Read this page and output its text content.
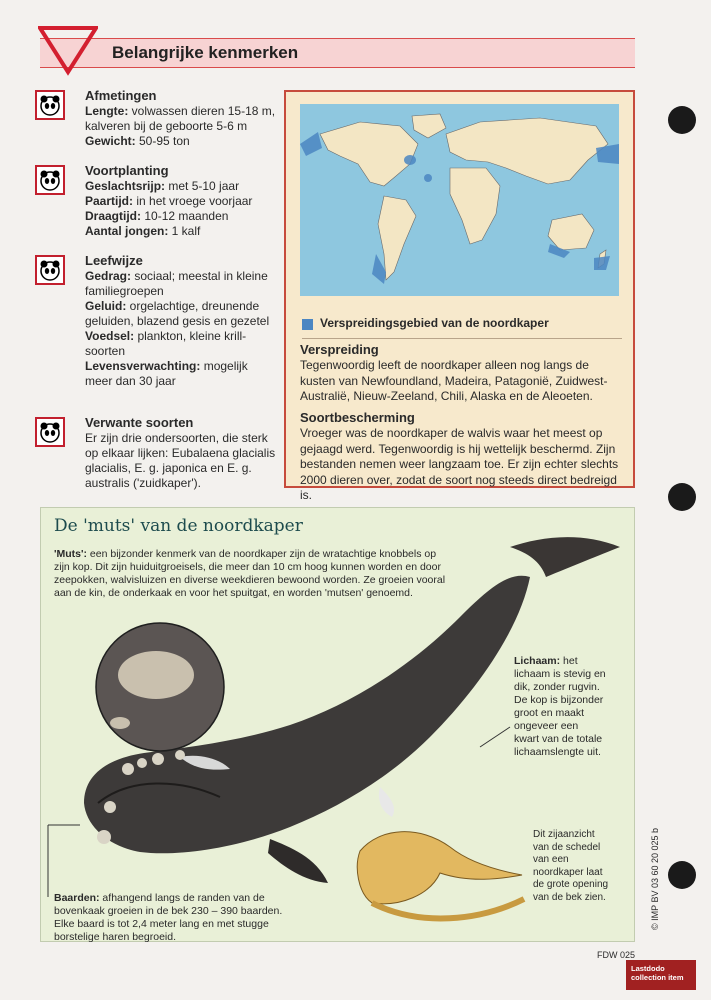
Belangrijke kenmerken
Afmetingen
Lengte: volwassen dieren 15-18 m,
kalveren bij de geboorte 5-6 m
Gewicht: 50-95 ton
Voortplanting
Geslachtsrijp: met 5-10 jaar
Paartijd: in het vroege voorjaar
Draagtijd: 10-12 maanden
Aantal jongen: 1 kalf
Leefwijze
Gedrag: sociaal; meestal in kleine
familiegroepen
Geluid: orgelachtige, dreunende
geluiden, blazend gesis en gezetel
Voedsel: plankton, kleine krill-
soorten
Levensverwachting: mogelijk
meer dan 30 jaar
Verwante soorten
Er zijn drie ondersoorten, die sterk
op elkaar lijken: Eubalaena glacialis
glacialis, E. g. japonica en E. g.
australis ('zuidkaper').
Verspreidingsgebied van de noordkaper
Verspreiding
Tegenwoordig leeft de noordkaper alleen nog langs de kusten van Newfoundland, Madeira, Patagonië, Zuidwest-Australië, Nieuw-Zeeland, Chili, Alaska en de Aleoeten.
Soortbescherming
Vroeger was de noordkaper de walvis waar het meest op gejaagd werd. Tegenwoordig is hij wettelijk beschermd. Zijn bestanden nemen weer langzaam toe. Er zijn echter slechts 2000 dieren over, zodat de soort nog steeds direct bedreigd is.
De 'muts' van de noordkaper
'Muts': een bijzonder kenmerk van de noordkaper zijn de wratachtige knobbels op zijn kop. Dit zijn huiduitgroeisels, die meer dan 10 cm hoog kunnen worden en door zeepokken, walvisluizen en diverse weekdieren bewoond worden. Ze groeien vooral aan de kin, de onderkaak en voor het spuitgat, en worden 'mutsen' genoemd.
Lichaam: het lichaam is stevig en dik, zonder rugvin. De kop is bijzonder groot en maakt ongeveer een kwart van de totale lichaamslengte uit.
Dit zijaanzicht van de schedel van een noordkaper laat de grote opening van de bek zien.
Baarden: afhangend langs de randen van de bovenkaak groeien in de bek 230 – 390 baarden. Elke baard is tot 2,4 meter lang en met stugge borstelige haren begroeid.
© IMP BV 03 60 20 025 b
FDW 025
Lastdodo collection item
